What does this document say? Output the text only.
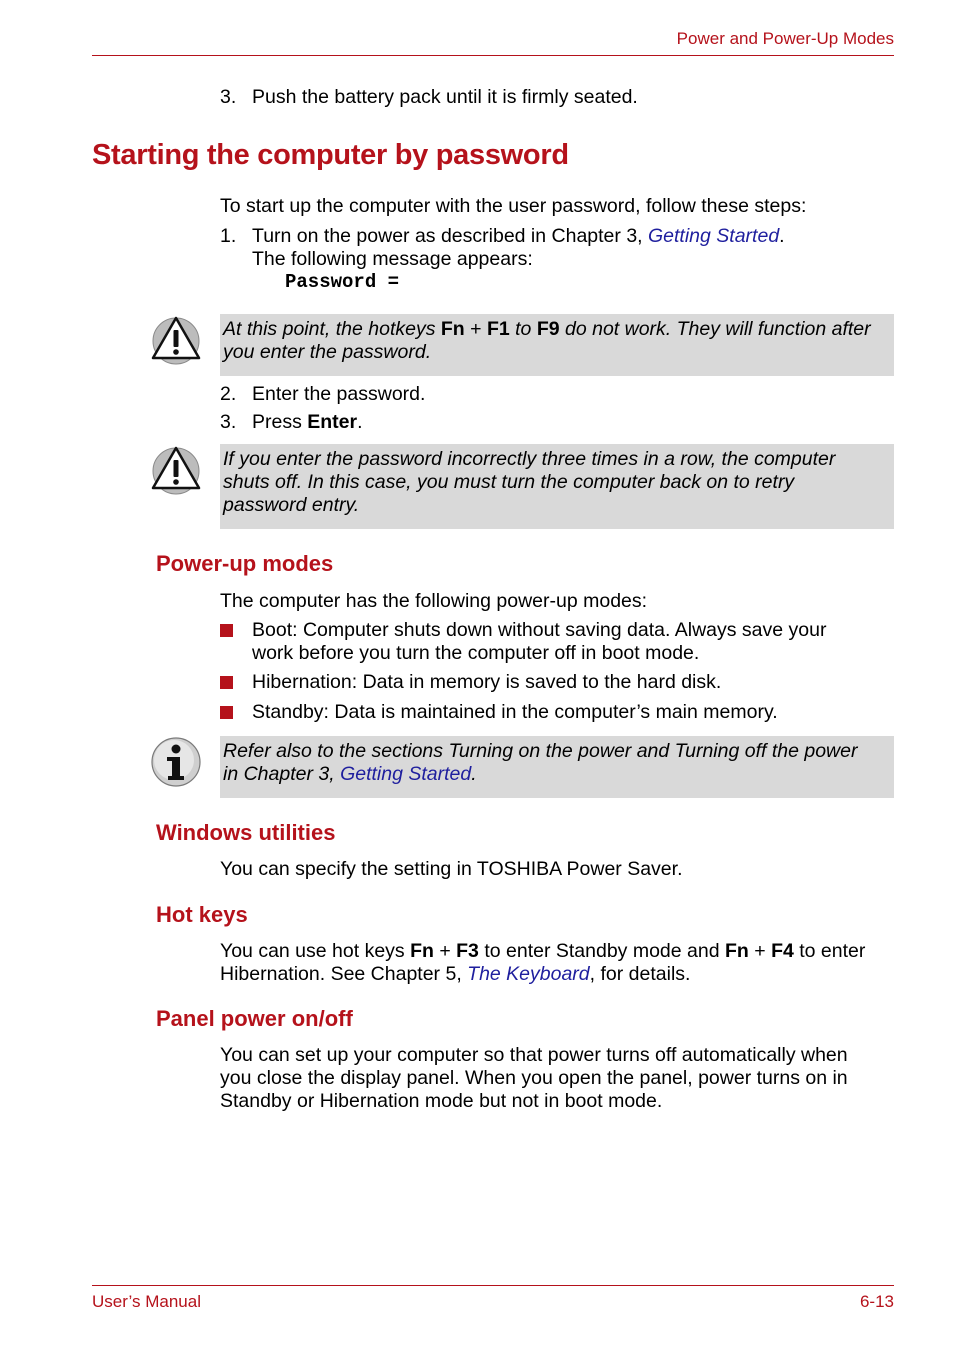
Power and Power-Up Modes
3. Push the battery pack until it is firmly seated.
Starting the computer by password
To start up the computer with the user password, follow these steps:
1. Turn on the power as described in Chapter 3, Getting Started.
The following message appears:
Password =
At this point, the hotkeys Fn + F1 to F9 do not work. They will function after
you enter the password.
2. Enter the password.
3. Press Enter.
If you enter the password incorrectly three times in a row, the computer
shuts off. In this case, you must turn the computer back on to retry
password entry.
Power-up modes
The computer has the following power-up modes:
Boot: Computer shuts down without saving data. Always save your
work before you turn the computer off in boot mode.
Hibernation: Data in memory is saved to the hard disk.
Standby: Data is maintained in the computer’s main memory.
Refer also to the sections Turning on the power and Turning off the power
in Chapter 3, Getting Started.
Windows utilities
You can specify the setting in TOSHIBA Power Saver.
Hot keys
You can use hot keys Fn + F3 to enter Standby mode and Fn + F4 to enter
Hibernation. See Chapter 5, The Keyboard, for details.
Panel power on/off
You can set up your computer so that power turns off automatically when
you close the display panel. When you open the panel, power turns on in
Standby or Hibernation mode but not in boot mode.
User’s Manual	6-13
